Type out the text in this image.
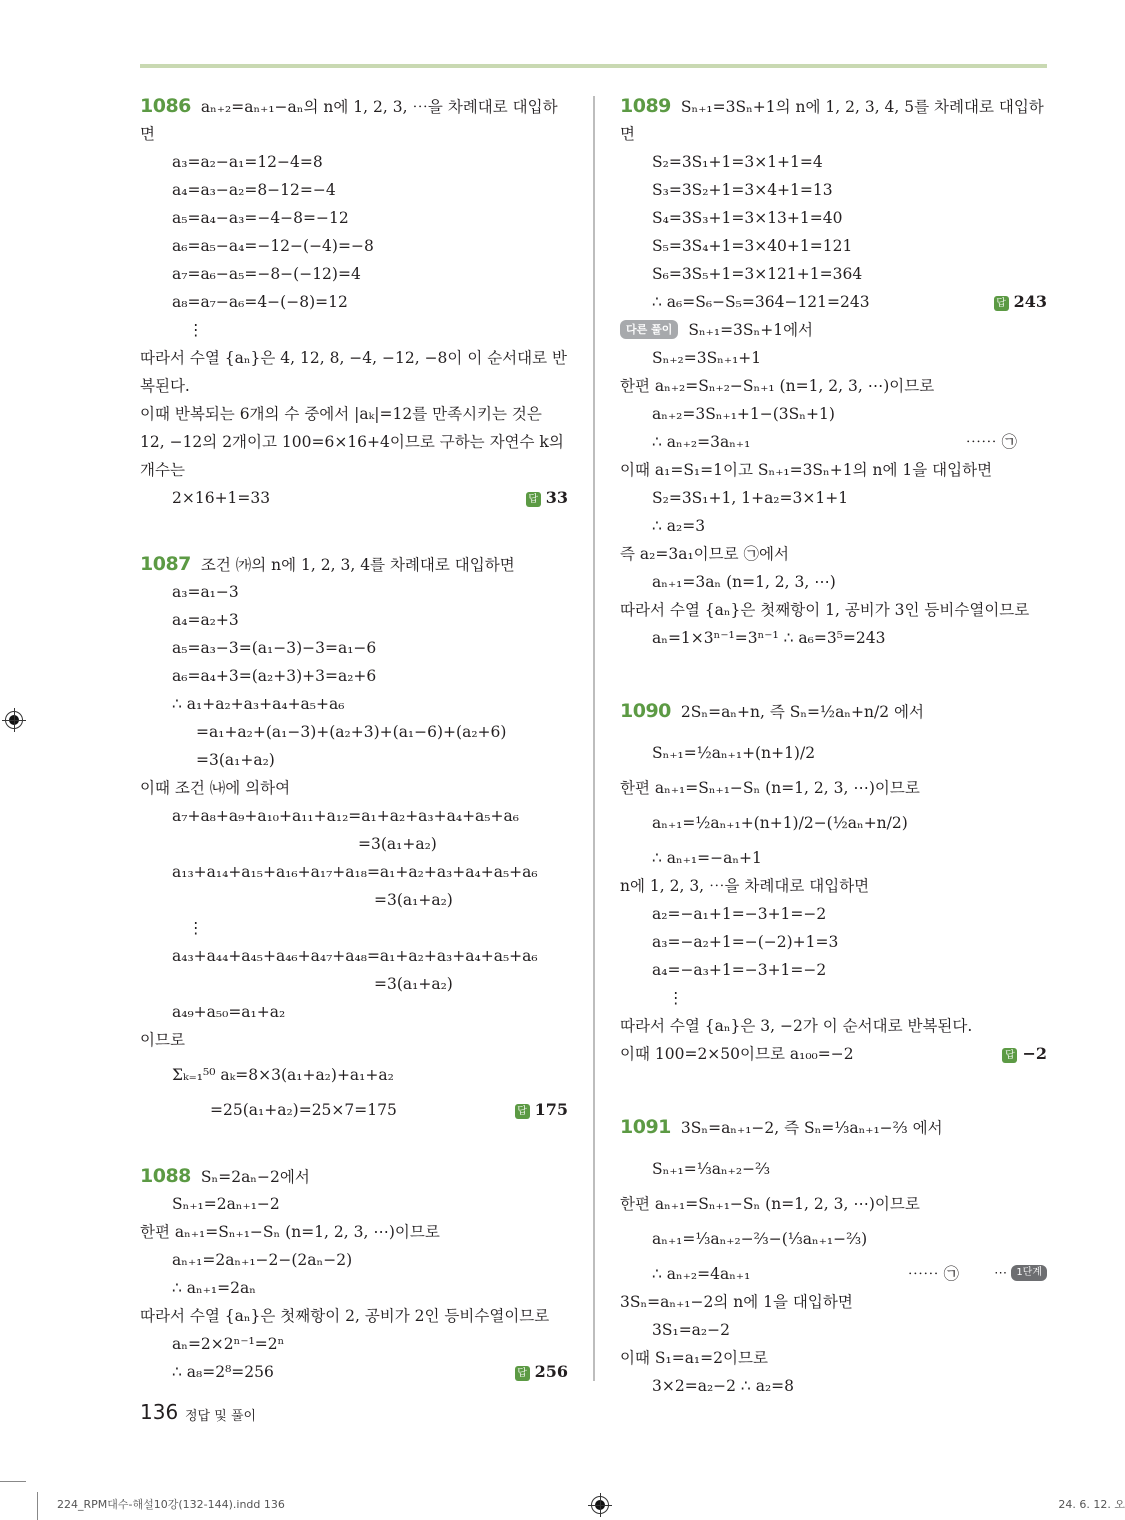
1086 aₙ₊₂=aₙ₊₁−aₙ의 n에 1, 2, 3, ⋯을 차례대로 대입하
면
a₃=a₂−a₁=12−4=8
a₄=a₃−a₂=8−12=−4
a₅=a₄−a₃=−4−8=−12
a₆=a₅−a₄=−12−(−4)=−8
a₇=a₆−a₅=−8−(−12)=4
a₈=a₇−a₆=4−(−8)=12
⋮
따라서 수열 {aₙ}은 4, 12, 8, −4, −12, −8이 이 순서대로 반
복된다.
이때 반복되는 6개의 수 중에서 |aₖ|=12를 만족시키는 것은
12, −12의 2개이고 100=6×16+4이므로 구하는 자연수 k의
개수는
2×16+1=33	답 33
1087 조건 ㈎의 n에 1, 2, 3, 4를 차례대로 대입하면
a₃=a₁−3
a₄=a₂+3
a₅=a₃−3=(a₁−3)−3=a₁−6
a₆=a₄+3=(a₂+3)+3=a₂+6
∴ a₁+a₂+a₃+a₄+a₅+a₆
=a₁+a₂+(a₁−3)+(a₂+3)+(a₁−6)+(a₂+6)
=3(a₁+a₂)
이때 조건 ㈏에 의하여
a₇+a₈+a₉+a₁₀+a₁₁+a₁₂=a₁+a₂+a₃+a₄+a₅+a₆
=3(a₁+a₂)
a₁₃+a₁₄+a₁₅+a₁₆+a₁₇+a₁₈=a₁+a₂+a₃+a₄+a₅+a₆
=3(a₁+a₂)
⋮
a₄₃+a₄₄+a₄₅+a₄₆+a₄₇+a₄₈=a₁+a₂+a₃+a₄+a₅+a₆
=3(a₁+a₂)
a₄₉+a₅₀=a₁+a₂
이므로
Σₖ₌₁⁵⁰ aₖ=8×3(a₁+a₂)+a₁+a₂
=25(a₁+a₂)=25×7=175	답 175
1088 Sₙ=2aₙ−2에서
Sₙ₊₁=2aₙ₊₁−2
한편 aₙ₊₁=Sₙ₊₁−Sₙ (n=1, 2, 3, ⋯)이므로
aₙ₊₁=2aₙ₊₁−2−(2aₙ−2)
∴ aₙ₊₁=2aₙ
따라서 수열 {aₙ}은 첫째항이 2, 공비가 2인 등비수열이므로
aₙ=2×2ⁿ⁻¹=2ⁿ
∴ a₈=2⁸=256	답 256
1089 Sₙ₊₁=3Sₙ+1의 n에 1, 2, 3, 4, 5를 차례대로 대입하
면
S₂=3S₁+1=3×1+1=4
S₃=3S₂+1=3×4+1=13
S₄=3S₃+1=3×13+1=40
S₅=3S₄+1=3×40+1=121
S₆=3S₅+1=3×121+1=364
∴ a₆=S₆−S₅=364−121=243	답 243
다른 풀이 Sₙ₊₁=3Sₙ+1에서
Sₙ₊₂=3Sₙ₊₁+1
한편 aₙ₊₂=Sₙ₊₂−Sₙ₊₁ (n=1, 2, 3, ⋯)이므로
aₙ₊₂=3Sₙ₊₁+1−(3Sₙ+1)
∴ aₙ₊₂=3aₙ₊₁	⋯⋯ ㉠
이때 a₁=S₁=1이고 Sₙ₊₁=3Sₙ+1의 n에 1을 대입하면
S₂=3S₁+1, 1+a₂=3×1+1
∴ a₂=3
즉 a₂=3a₁이므로 ㉠에서
aₙ₊₁=3aₙ (n=1, 2, 3, ⋯)
따라서 수열 {aₙ}은 첫째항이 1, 공비가 3인 등비수열이므로
aₙ=1×3ⁿ⁻¹=3ⁿ⁻¹ ∴ a₆=3⁵=243
1090 2Sₙ=aₙ+n, 즉 Sₙ=½aₙ+n/2 에서
Sₙ₊₁=½aₙ₊₁+(n+1)/2
한편 aₙ₊₁=Sₙ₊₁−Sₙ (n=1, 2, 3, ⋯)이므로
aₙ₊₁=½aₙ₊₁+(n+1)/2−(½aₙ+n/2)
∴ aₙ₊₁=−aₙ+1
n에 1, 2, 3, ⋯을 차례대로 대입하면
a₂=−a₁+1=−3+1=−2
a₃=−a₂+1=−(−2)+1=3
a₄=−a₃+1=−3+1=−2
⋮
따라서 수열 {aₙ}은 3, −2가 이 순서대로 반복된다.
이때 100=2×50이므로 a₁₀₀=−2	답 −2
1091 3Sₙ=aₙ₊₁−2, 즉 Sₙ=⅓aₙ₊₁−⅔ 에서
Sₙ₊₁=⅓aₙ₊₂−⅔
한편 aₙ₊₁=Sₙ₊₁−Sₙ (n=1, 2, 3, ⋯)이므로
aₙ₊₁=⅓aₙ₊₂−⅔−(⅓aₙ₊₁−⅔)
∴ aₙ₊₂=4aₙ₊₁	⋯⋯ ㉠	⋯ 1단계
3Sₙ=aₙ₊₁−2의 n에 1을 대입하면
3S₁=a₂−2
이때 S₁=a₁=2이므로
3×2=a₂−2 ∴ a₂=8
136 정답 및 풀이
224_RPM대수-해설10강(132-144).indd 136	24. 6. 12. 오
